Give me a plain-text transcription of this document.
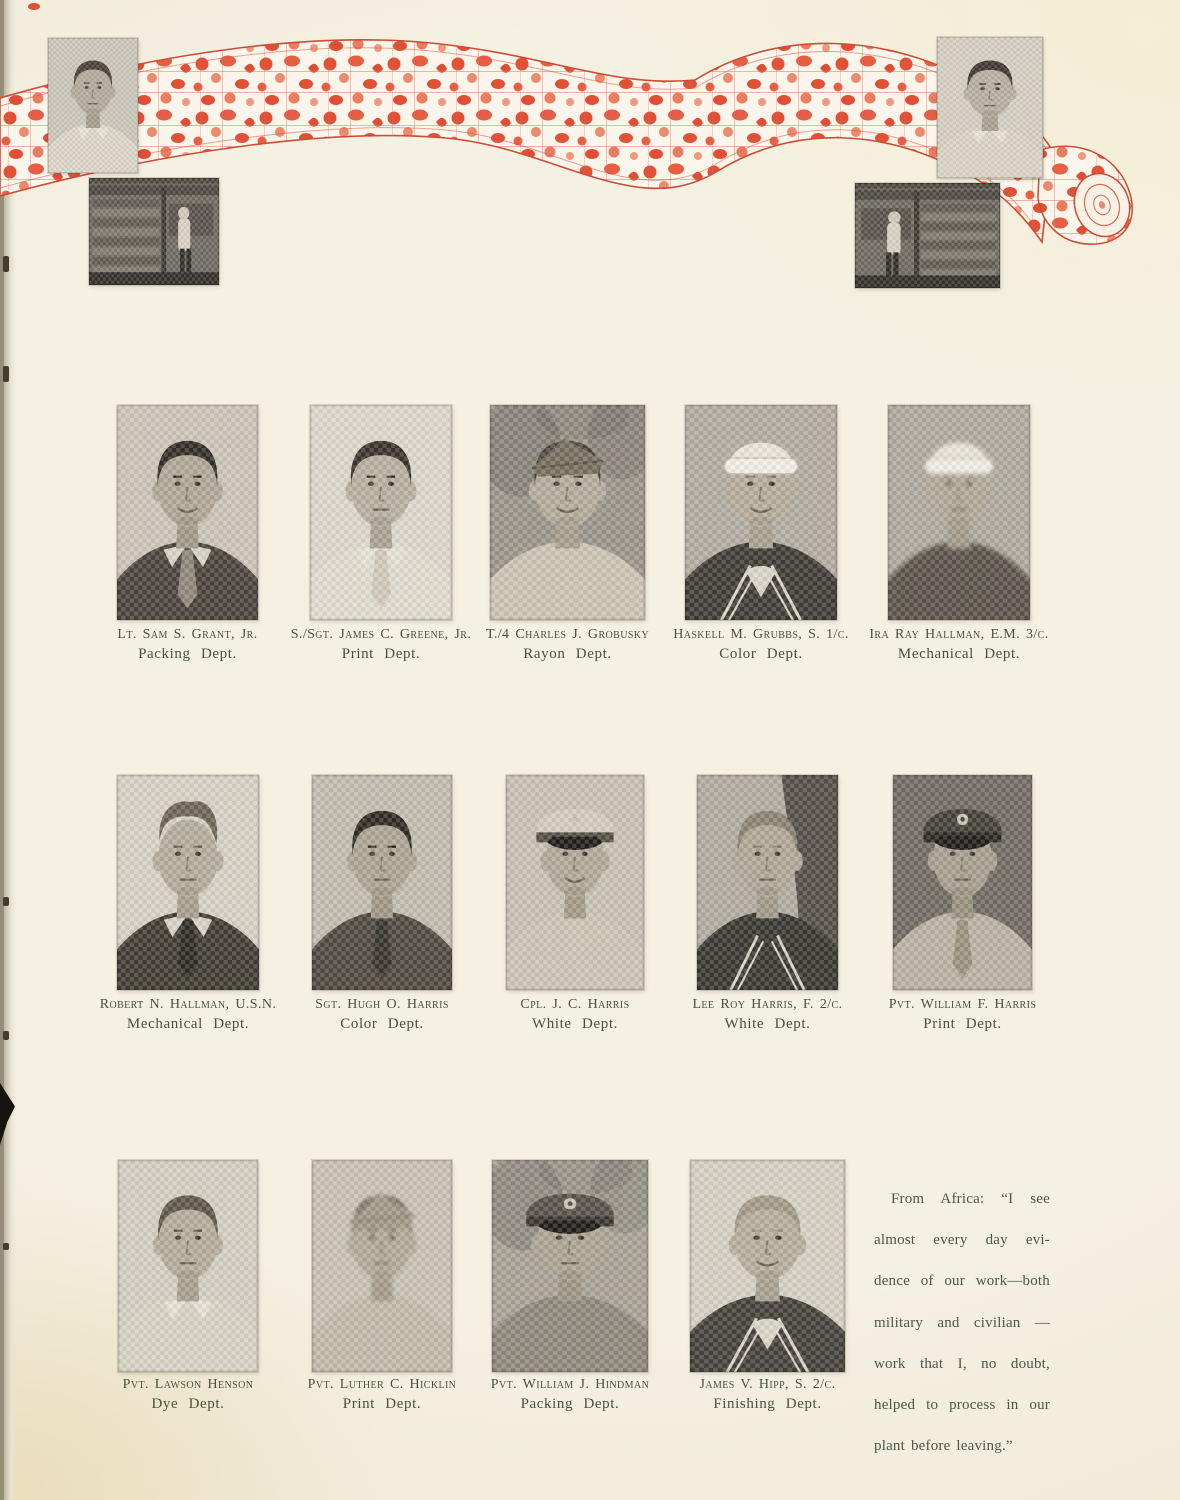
Lt. Sam S. Grant, Jr.
Packing Dept.
S./Sgt. James C. Greene, Jr.
Print Dept.
T./4 Charles J. Grobusky
Rayon Dept.
Haskell M. Grubbs, S. 1/c.
Color Dept.
Ira Ray Hallman, E.M. 3/c.
Mechanical Dept.
Robert N. Hallman, U.S.N.
Mechanical Dept.
Sgt. Hugh O. Harris
Color Dept.
Cpl. J. C. Harris
White Dept.
Lee Roy Harris, F. 2/c.
White Dept.
Pvt. William F. Harris
Print Dept.
Pvt. Lawson Henson
Dye Dept.
Pvt. Luther C. Hicklin
Print Dept.
Pvt. William J. Hindman
Packing Dept.
James V. Hipp, S. 2/c.
Finishing Dept.
From Africa: “I see
almost every day evi-
dence of our work—both
military and civilian —
work that I, no doubt,
helped to process in our
plant before leaving.”
